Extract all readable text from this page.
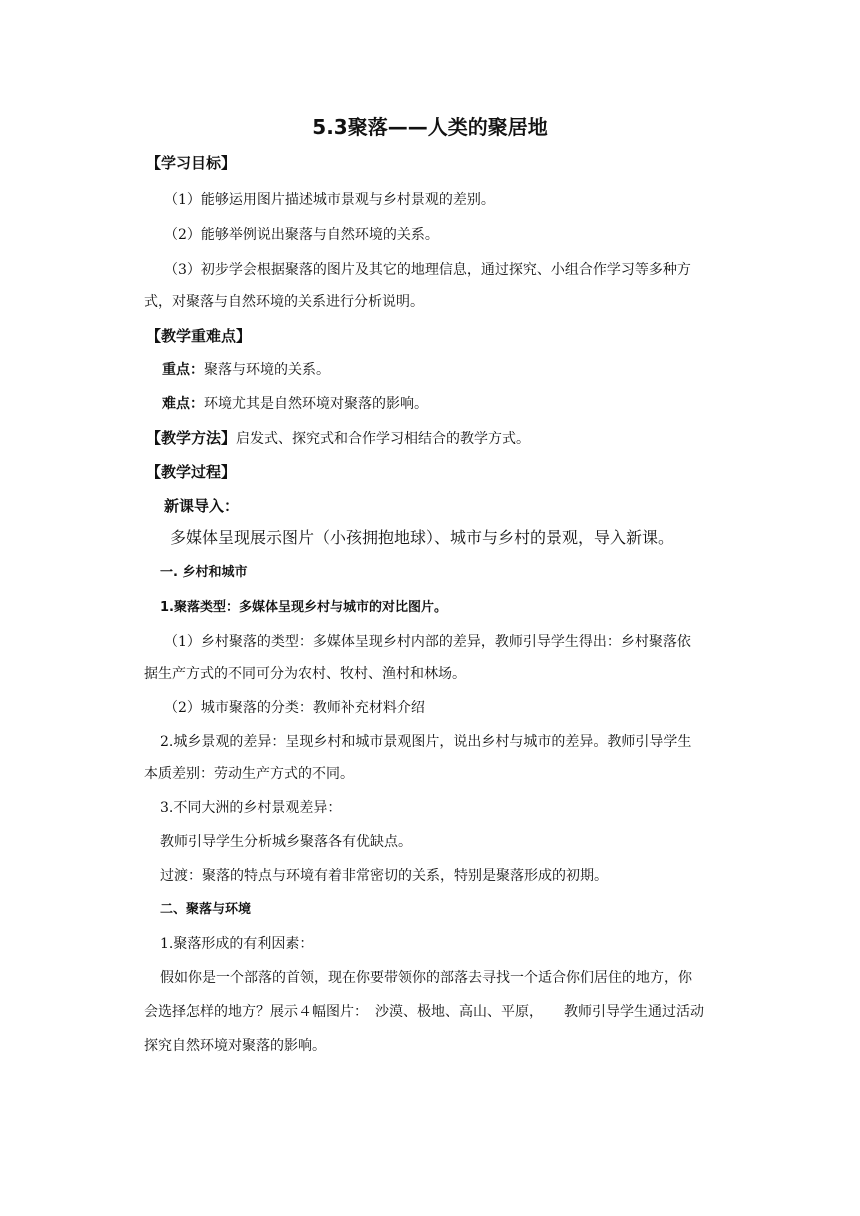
5.3聚落——人类的聚居地
【学习目标】
（1）能够运用图片描述城市景观与乡村景观的差别。
（2）能够举例说出聚落与自然环境的关系。
（3）初步学会根据聚落的图片及其它的地理信息，通过探究、小组合作学习等多种方
式，对聚落与自然环境的关系进行分析说明。
【教学重难点】
重点：聚落与环境的关系。
难点：环境尤其是自然环境对聚落的影响。
【教学方法】启发式、探究式和合作学习相结合的教学方式。
【教学过程】
新课导入：
多媒体呈现展示图片（小孩拥抱地球）、城市与乡村的景观，导入新课。
一. 乡村和城市
1.聚落类型：多媒体呈现乡村与城市的对比图片。
（1）乡村聚落的类型：多媒体呈现乡村内部的差异，教师引导学生得出：乡村聚落依
据生产方式的不同可分为农村、牧村、渔村和林场。
（2）城市聚落的分类：教师补充材料介绍
2.城乡景观的差异：呈现乡村和城市景观图片，说出乡村与城市的差异。教师引导学生
本质差别：劳动生产方式的不同。
3.不同大洲的乡村景观差异：
教师引导学生分析城乡聚落各有优缺点。
过渡：聚落的特点与环境有着非常密切的关系，特别是聚落形成的初期。
二、聚落与环境
1.聚落形成的有利因素：
假如你是一个部落的首领，现在你要带领你的部落去寻找一个适合你们居住的地方，你
会选择怎样的地方？展示４幅图片：　沙漠、极地、高山、平原，　　教师引导学生通过活动
探究自然环境对聚落的影响。
